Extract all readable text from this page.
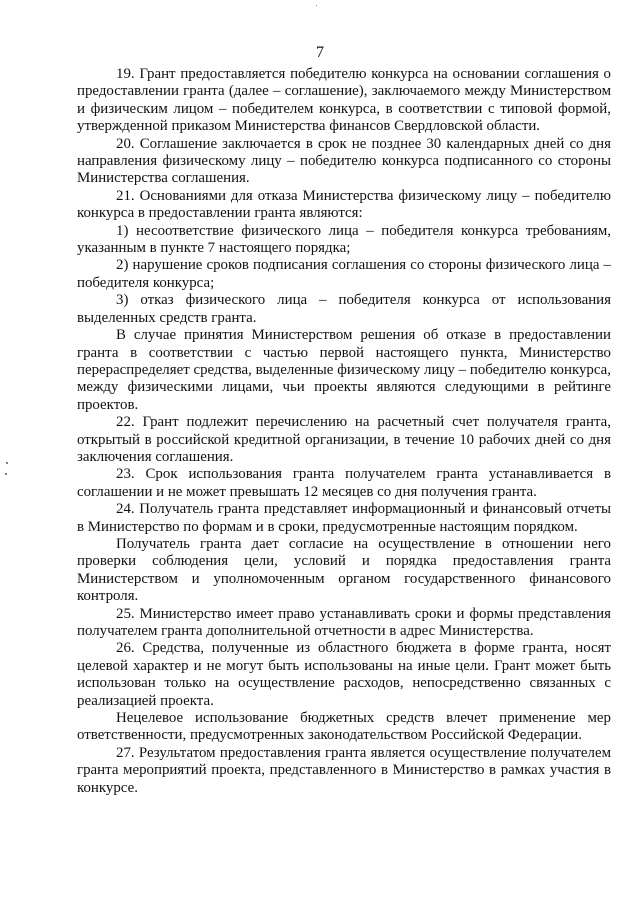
7

19. Грант предоставляется победителю конкурса на основании соглашения о предоставлении гранта (далее – соглашение), заключаемого между Министерством и физическим лицом – победителем конкурса, в соответствии с типовой формой, утвержденной приказом Министерства финансов Свердловской области.

20. Соглашение заключается в срок не позднее 30 календарных дней со дня направления физическому лицу – победителю конкурса подписанного со стороны Министерства соглашения.

21. Основаниями для отказа Министерства физическому лицу – победителю конкурса в предоставлении гранта являются:

1) несоответствие физического лица – победителя конкурса требованиям, указанным в пункте 7 настоящего порядка;

2) нарушение сроков подписания соглашения со стороны физического лица – победителя конкурса;

3) отказ физического лица – победителя конкурса от использования выделенных средств гранта.

В случае принятия Министерством решения об отказе в предоставлении гранта в соответствии с частью первой настоящего пункта, Министерство перераспределяет средства, выделенные физическому лицу – победителю конкурса, между физическими лицами, чьи проекты являются следующими в рейтинге проектов.

22. Грант подлежит перечислению на расчетный счет получателя гранта, открытый в российской кредитной организации, в течение 10 рабочих дней со дня заключения соглашения.

23. Срок использования гранта получателем гранта устанавливается в соглашении и не может превышать 12 месяцев со дня получения гранта.

24. Получатель гранта представляет информационный и финансовый отчеты в Министерство по формам и в сроки, предусмотренные настоящим порядком.

Получатель гранта дает согласие на осуществление в отношении него проверки соблюдения цели, условий и порядка предоставления гранта Министерством и уполномоченным органом государственного финансового контроля.

25. Министерство имеет право устанавливать сроки и формы представления получателем гранта дополнительной отчетности в адрес Министерства.

26. Средства, полученные из областного бюджета в форме гранта, носят целевой характер и не могут быть использованы на иные цели. Грант может быть использован только на осуществление расходов, непосредственно связанных с реализацией проекта.

Нецелевое использование бюджетных средств влечет применение мер ответственности, предусмотренных законодательством Российской Федерации.

27. Результатом предоставления гранта является осуществление получателем гранта мероприятий проекта, представленного в Министерство в рамках участия в конкурсе.
